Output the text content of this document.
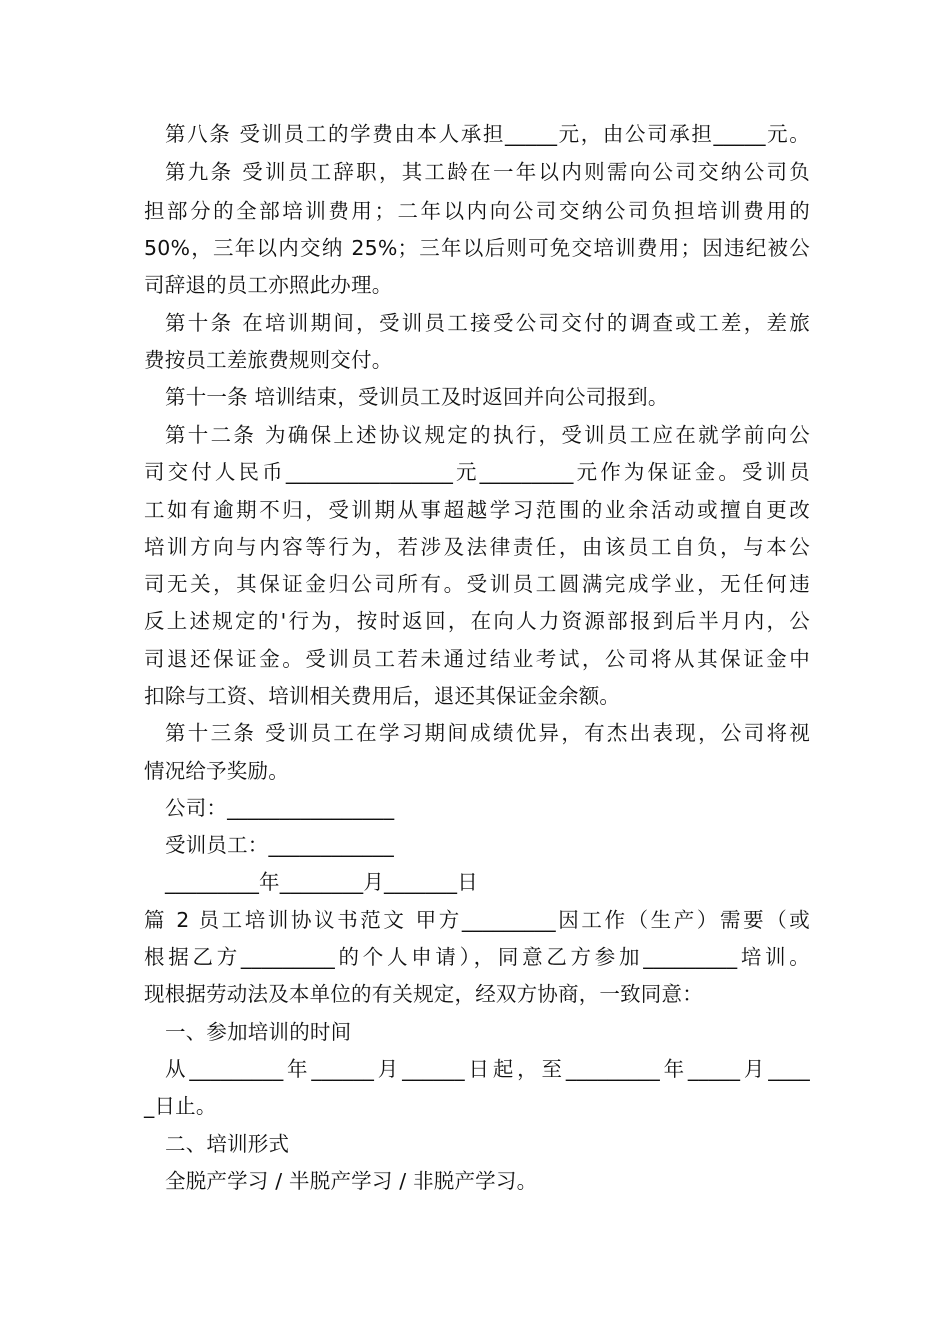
第八条 受训员工的学费由本人承担_____元，由公司承担_____元。
第九条 受训员工辞职，其工龄在一年以内则需向公司交纳公司负
担部分的全部培训费用；二年以内向公司交纳公司负担培训费用的
50%，三年以内交纳 25%；三年以后则可免交培训费用；因违纪被公
司辞退的员工亦照此办理。
第十条 在培训期间，受训员工接受公司交付的调查或工差，差旅
费按员工差旅费规则交付。
第十一条 培训结束，受训员工及时返回并向公司报到。
第十二条 为确保上述协议规定的执行，受训员工应在就学前向公
司交付人民币________________元_________元作为保证金。受训员
工如有逾期不归，受训期从事超越学习范围的业余活动或擅自更改
培训方向与内容等行为，若涉及法律责任，由该员工自负，与本公
司无关，其保证金归公司所有。受训员工圆满完成学业，无任何违
反上述规定的'行为，按时返回，在向人力资源部报到后半月内，公
司退还保证金。受训员工若未通过结业考试，公司将从其保证金中
扣除与工资、培训相关费用后，退还其保证金余额。
第十三条 受训员工在学习期间成绩优异，有杰出表现，公司将视
情况给予奖励。
公司：________________
受训员工：____________
_________年________月_______日
篇 2 员工培训协议书范文 甲方_________因工作（生产）需要（或
根据乙方_________的个人申请），同意乙方参加_________培训。
现根据劳动法及本单位的有关规定，经双方协商，一致同意：
一、参加培训的时间
从_________年______月______日起，至_________年_____月____
_日止。
二、培训形式
全脱产学习 / 半脱产学习 / 非脱产学习。
